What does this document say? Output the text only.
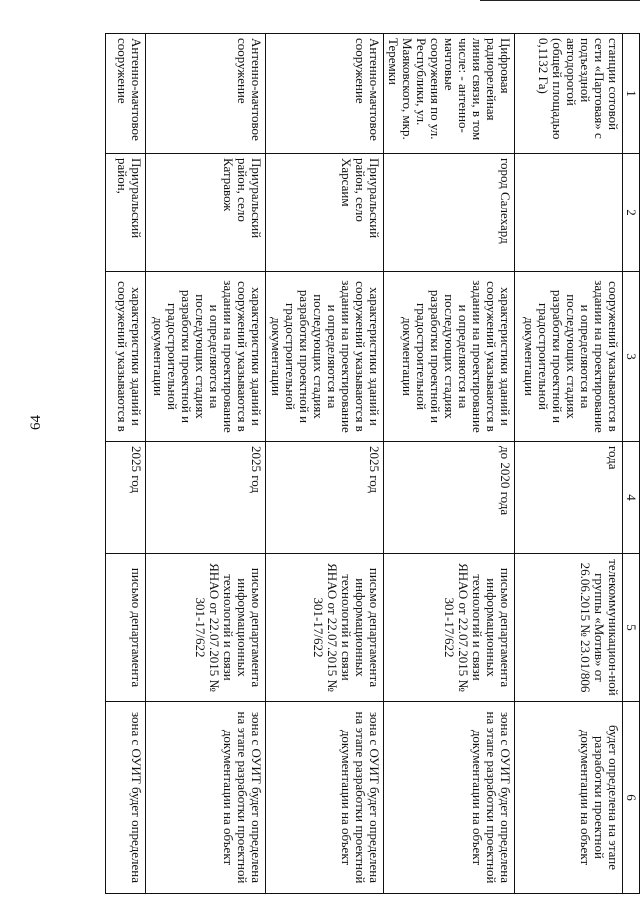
64
1	2	3	4	5	6
станции сотовой сети «Партовая» с подъездной автодорогой (общей площадью 0,1132 Га)		сооружений указываются в задании на проектирование и определяются на последующих стадиях разработки проектной и градостроительной документации	года	телекоммуникацион-ной группы «Мотив» от 26.06.2015 № 23.01/806	будет определена на этапе разработки проектной документации на объект
Цифровая радиорелейная линия связи, в том числе: - антенно-мачтовые сооружения по ул. Республики, ул. Маяковского, мкр. Теремки	город Салехард	характеристики зданий и сооружений указываются в задании на проектирование и определяются на последующих стадиях разработки проектной и градостроительной документации	до 2020 года	письмо департамента информационных технологий и связи ЯНАО от 22.07.2015 № 301-17/622	зона с ОУИТ будет определена на этапе разработки проектной документации на объект
Антенно-мачтовое сооружение	Приуральский район, село Харсаим	характеристики зданий и сооружений указываются в задании на проектирование и определяются на последующих стадиях разработки проектной и градостроительной документации	2025 год	письмо департамента информационных технологий и связи ЯНАО от 22.07.2015 № 301-17/622	зона с ОУИТ будет определена на этапе разработки проектной документации на объект
Антенно-мачтовое сооружение	Приуральский район, село Катравож	характеристики зданий и сооружений указываются в задании на проектирование и определяются на последующих стадиях разработки проектной и градостроительной документации	2025 год	письмо департамента информационных технологий и связи ЯНАО от 22.07.2015 № 301-17/622	зона с ОУИТ будет определена на этапе разработки проектной документации на объект
Антенно-мачтовое сооружение	Приуральский район,	характеристики зданий и сооружений указываются в	2025 год	письмо департамента	зона с ОУИТ будет определена
